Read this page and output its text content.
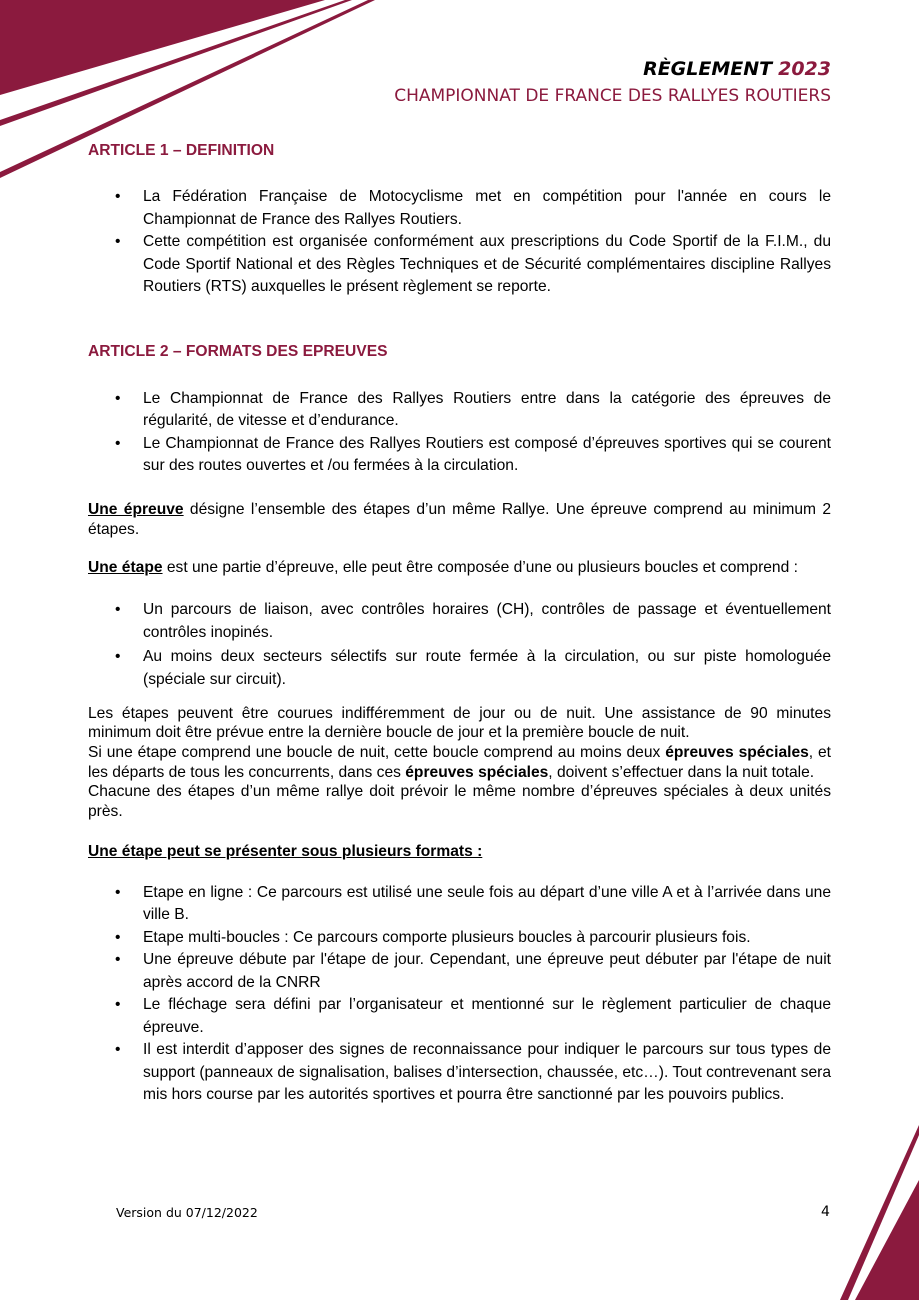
RÈGLEMENT 2023
CHAMPIONNAT DE FRANCE DES RALLYES ROUTIERS
ARTICLE 1 – DEFINITION
• La Fédération Française de Motocyclisme met en compétition pour l'année en cours le Championnat de France des Rallyes Routiers.
• Cette compétition est organisée conformément aux prescriptions du Code Sportif de la F.I.M., du Code Sportif National et des Règles Techniques et de Sécurité complémentaires discipline Rallyes Routiers (RTS) auxquelles le présent règlement se reporte.
ARTICLE 2 – FORMATS DES EPREUVES
• Le Championnat de France des Rallyes Routiers entre dans la catégorie des épreuves de régularité, de vitesse et d’endurance.
• Le Championnat de France des Rallyes Routiers est composé d’épreuves sportives qui se courent sur des routes ouvertes et /ou fermées à la circulation.

Une épreuve désigne l’ensemble des étapes d’un même Rallye. Une épreuve comprend au minimum 2 étapes.

Une étape est une partie d’épreuve, elle peut être composée d’une ou plusieurs boucles et comprend :

• Un parcours de liaison, avec contrôles horaires (CH), contrôles de passage et éventuellement contrôles inopinés.
• Au moins deux secteurs sélectifs sur route fermée à la circulation, ou sur piste homologuée (spéciale sur circuit).

Les étapes peuvent être courues indifféremment de jour ou de nuit. Une assistance de 90 minutes minimum doit être prévue entre la dernière boucle de jour et la première boucle de nuit.
Si une étape comprend une boucle de nuit, cette boucle comprend au moins deux épreuves spéciales, et les départs de tous les concurrents, dans ces épreuves spéciales, doivent s’effectuer dans la nuit totale.
Chacune des étapes d’un même rallye doit prévoir le même nombre d’épreuves spéciales à deux unités près.

Une étape peut se présenter sous plusieurs formats :

• Etape en ligne : Ce parcours est utilisé une seule fois au départ d’une ville A et à l’arrivée dans une ville B.
• Etape multi-boucles : Ce parcours comporte plusieurs boucles à parcourir plusieurs fois.
• Une épreuve débute par l'étape de jour. Cependant, une épreuve peut débuter par l'étape de nuit après accord de la CNRR
• Le fléchage sera défini par l’organisateur et mentionné sur le règlement particulier de chaque épreuve.
• Il est interdit d’apposer des signes de reconnaissance pour indiquer le parcours sur tous types de support (panneaux de signalisation, balises d’intersection, chaussée, etc…). Tout contrevenant sera mis hors course par les autorités sportives et pourra être sanctionné par les pouvoirs publics.
Version du 07/12/2022	4
